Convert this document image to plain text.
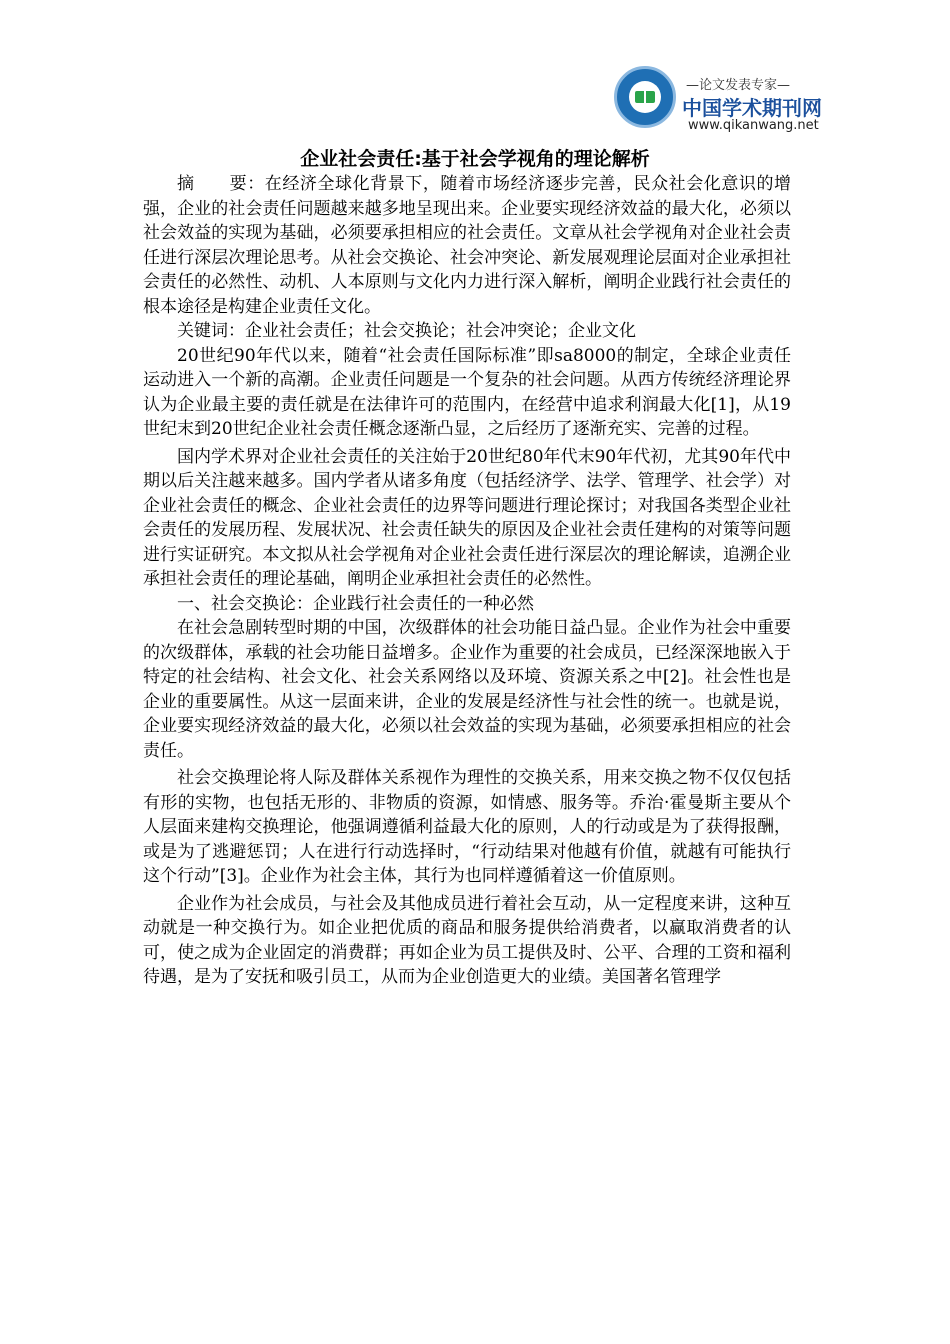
—论文发表专家—
中国学术期刊网
www.qikanwang.net
企业社会责任:基于社会学视角的理论解析

摘　　要：在经济全球化背景下，随着市场经济逐步完善，民众社会化意识的增强，企业的社会责任问题越来越多地呈现出来。企业要实现经济效益的最大化，必须以社会效益的实现为基础，必须要承担相应的社会责任。文章从社会学视角对企业社会责任进行深层次理论思考。从社会交换论、社会冲突论、新发展观理论层面对企业承担社会责任的必然性、动机、人本原则与文化内力进行深入解析，阐明企业践行社会责任的根本途径是构建企业责任文化。

关键词：企业社会责任；社会交换论；社会冲突论；企业文化

20世纪90年代以来，随着“社会责任国际标准”即sa8000的制定，全球企业责任运动进入一个新的高潮。企业责任问题是一个复杂的社会问题。从西方传统经济理论界认为企业最主要的责任就是在法律许可的范围内，在经营中追求利润最大化[1]，从19世纪末到20世纪企业社会责任概念逐渐凸显，之后经历了逐渐充实、完善的过程。

国内学术界对企业社会责任的关注始于20世纪80年代末90年代初，尤其90年代中期以后关注越来越多。国内学者从诸多角度（包括经济学、法学、管理学、社会学）对企业社会责任的概念、企业社会责任的边界等问题进行理论探讨；对我国各类型企业社会责任的发展历程、发展状况、社会责任缺失的原因及企业社会责任建构的对策等问题进行实证研究。本文拟从社会学视角对企业社会责任进行深层次的理论解读，追溯企业承担社会责任的理论基础，阐明企业承担社会责任的必然性。

一、社会交换论：企业践行社会责任的一种必然

在社会急剧转型时期的中国，次级群体的社会功能日益凸显。企业作为社会中重要的次级群体，承载的社会功能日益增多。企业作为重要的社会成员，已经深深地嵌入于特定的社会结构、社会文化、社会关系网络以及环境、资源关系之中[2]。社会性也是企业的重要属性。从这一层面来讲，企业的发展是经济性与社会性的统一。也就是说，企业要实现经济效益的最大化，必须以社会效益的实现为基础，必须要承担相应的社会责任。

社会交换理论将人际及群体关系视作为理性的交换关系，用来交换之物不仅仅包括有形的实物，也包括无形的、非物质的资源，如情感、服务等。乔治·霍曼斯主要从个人层面来建构交换理论，他强调遵循利益最大化的原则，人的行动或是为了获得报酬，或是为了逃避惩罚；人在进行行动选择时，“行动结果对他越有价值，就越有可能执行这个行动”[3]。企业作为社会主体，其行为也同样遵循着这一价值原则。

企业作为社会成员，与社会及其他成员进行着社会互动，从一定程度来讲，这种互动就是一种交换行为。如企业把优质的商品和服务提供给消费者，以赢取消费者的认可，使之成为企业固定的消费群；再如企业为员工提供及时、公平、合理的工资和福利待遇，是为了安抚和吸引员工，从而为企业创造更大的业绩。美国著名管理学
